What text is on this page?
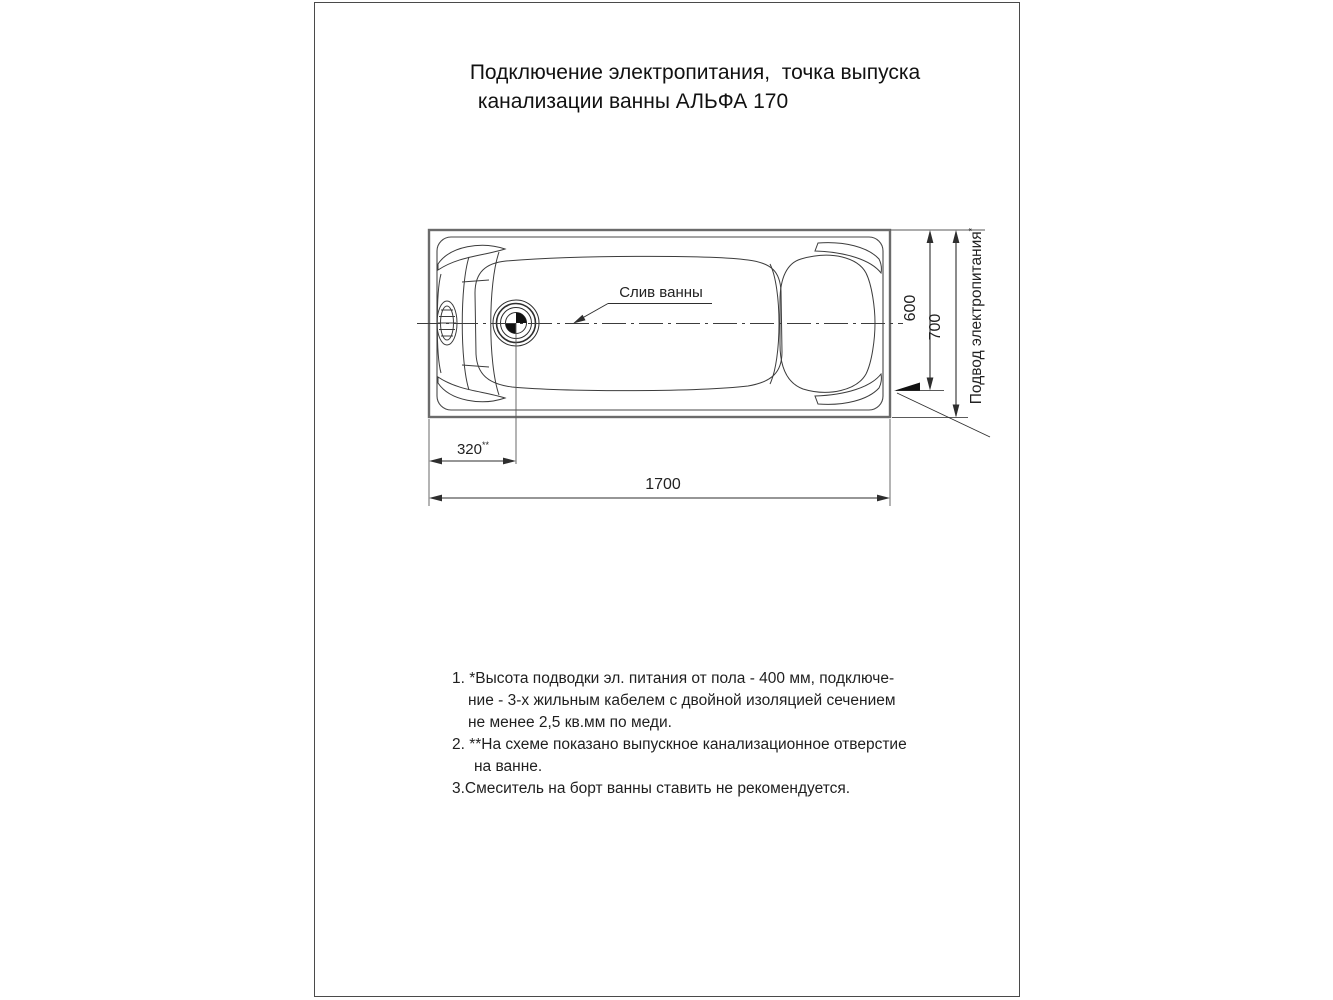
Подключение электропитания,  точка выпуска
канализации ванны АЛЬФА 170
Слив ванны
320**
1700
600
700 Подвод электропитания*
1. *Высота подводки эл. питания от пола - 400 мм, подключе-
ние - 3-х жильным кабелем с двойной изоляцией сечением
не менее 2,5 кв.мм по меди.
2. **На схеме показано выпускное канализационное отверстие
на ванне.
3.Смеситель на борт ванны ставить не рекомендуется.
